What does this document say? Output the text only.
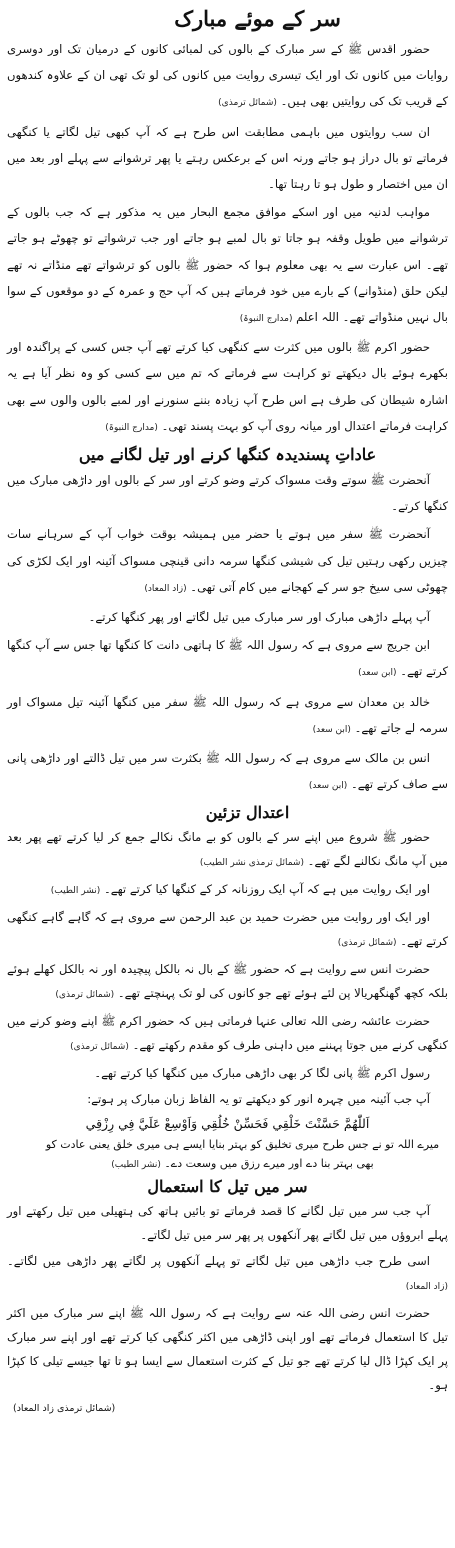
سر کے موئے مبارک

حضور اقدس ﷺ کے سر مبارک کے بالوں کی لمبائی کانوں کے درمیان تک اور دوسری روایات میں کانوں تک اور ایک تیسری روایت میں کانوں کی لو تک تھی ان کے علاوہ کندھوں کے قریب تک کی روایتیں بھی ہیں۔ (شمائل ترمذی)

ان سب روایتوں میں باہمی مطابقت اس طرح ہے کہ آپ کبھی تیل لگاتے یا کنگھی فرماتے تو بال دراز ہو جاتے ورنہ اس کے برعکس رہتے یا پھر ترشوانے سے پہلے اور بعد میں ان میں اختصار و طول ہو تا رہتا تھا۔

مواہب لدنیہ میں اور اسکے موافق مجمع البحار میں یہ مذکور ہے کہ جب بالوں کے ترشوانے میں طویل وقفہ ہو جاتا تو بال لمبے ہو جاتے اور جب ترشواتے تو چھوٹے ہو جاتے تھے۔ اس عبارت سے یہ بھی معلوم ہوا کہ حضور ﷺ بالوں کو ترشواتے تھے منڈاتے نہ تھے لیکن حلق (منڈوانے) کے بارے میں خود فرماتے ہیں کہ آپ حج و عمرہ کے دو موقعوں کے سوا بال نہیں منڈواتے تھے۔ اللہ اعلم (مدارج النبوۃ)

حضور اکرم ﷺ بالوں میں کثرت سے کنگھی کیا کرتے تھے آپ جس کسی کے پراگندہ اور بکھرے ہوئے بال دیکھتے تو کراہت سے فرماتے کہ تم میں سے کسی کو وہ نظر آیا ہے یہ اشارہ شیطان کی طرف ہے اس طرح آپ زیادہ بننے سنورنے اور لمبے بالوں والوں سے بھی کراہت فرماتے اعتدال اور میانہ روی آپ کو بہت پسند تھی۔ (مدارج النبوۃ)

عاداتِ پسندیدہ کنگھا کرنے اور تیل لگانے میں

آنحضرت ﷺ سوتے وقت مسواک کرتے وضو کرتے اور سر کے بالوں اور داڑھی مبارک میں کنگھا کرتے۔

آنحضرت ﷺ سفر میں ہوتے یا حضر میں ہمیشہ بوقت خواب آپ کے سرہانے سات چیزیں رکھی رہتیں تیل کی شیشی کنگھا سرمہ دانی قینچی مسواک آئینہ اور ایک لکڑی کی چھوٹی سی سیخ جو سر کے کھجانے میں کام آتی تھی۔ (زاد المعاد)

آپ پہلے داڑھی مبارک اور سر مبارک میں تیل لگاتے اور پھر کنگھا کرتے۔

ابن جریج سے مروی ہے کہ رسول اللہ ﷺ کا ہاتھی دانت کا کنگھا تھا جس سے آپ کنگھا کرتے تھے۔ (ابن سعد)

خالد بن معدان سے مروی ہے کہ رسول اللہ ﷺ سفر میں کنگھا آئینہ تیل مسواک اور سرمہ لے جاتے تھے۔ (ابن سعد)

انس بن مالک سے مروی ہے کہ رسول اللہ ﷺ بکثرت سر میں تیل ڈالتے اور داڑھی پانی سے صاف کرتے تھے۔ (ابن سعد)

اعتدال تزئین

حضور ﷺ شروع میں اپنے سر کے بالوں کو بے مانگ نکالے جمع کر لیا کرتے تھے پھر بعد میں آپ مانگ نکالنے لگے تھے۔ (شمائل ترمذی نشر الطیب)

اور ایک روایت میں ہے کہ آپ ایک روزنانہ کر کے کنگھا کیا کرتے تھے۔ (نشر الطیب)

اور ایک اور روایت میں حضرت حمید بن عبد الرحمن سے مروی ہے کہ گاہے گاہے کنگھی کرتے تھے۔ (شمائل ترمذی)

حضرت انس سے روایت ہے کہ حضور ﷺ کے بال نہ بالکل پیچیدہ اور نہ بالکل کھلے ہوئے بلکہ کچھ گھنگھریالا پن لئے ہوئے تھے جو کانوں کی لو تک پہنچتے تھے۔ (شمائل ترمذی)

حضرت عائشہ رضی اللہ تعالی عنہا فرماتی ہیں کہ حضور اکرم ﷺ اپنے وضو کرنے میں کنگھی کرنے میں جوتا پہننے میں داہنی طرف کو مقدم رکھتے تھے۔ (شمائل ترمذی)

رسول اکرم ﷺ پانی لگا کر بھی داڑھی مبارک میں کنگھا کیا کرتے تھے۔

آپ جب آئینہ میں چہرہ انور کو دیکھتے تو یہ الفاظ زبان مبارک پر ہوتے:

اَللّٰهُمَّ حَسَّنْتَ خَلْقِي فَحَسِّنْ خُلُقِي وَاَوْسِعْ عَلَيَّ فِي رِزْقِي
میرے اللہ تو نے جس طرح میری تخلیق کو بہتر بنایا ایسے ہی میری خلق یعنی عادت کو بھی بہتر بنا دے اور میرے رزق میں وسعت دے۔ (نشر الطیب)
سر میں تیل کا استعمال

آپ جب سر میں تیل لگانے کا قصد فرماتے تو بائیں ہاتھ کی ہتھیلی میں تیل رکھتے اور پہلے ابروؤں میں تیل لگاتے پھر آنکھوں پر پھر سر میں تیل لگاتے۔

اسی طرح جب داڑھی میں تیل لگاتے تو پہلے آنکھوں پر لگاتے پھر داڑھی میں لگاتے۔ (زاد المعاد)

حضرت انس رضی اللہ عنہ سے روایت ہے کہ رسول اللہ ﷺ اپنے سر مبارک میں اکثر تیل کا استعمال فرماتے تھے اور اپنی ڈاڑھی میں اکثر کنگھی کیا کرتے تھے اور اپنے سر مبارک پر ایک کپڑا ڈال لیا کرتے تھے جو تیل کے کثرت استعمال سے ایسا ہو تا تھا جیسے تیلی کا کپڑا ہو۔

(شمائل ترمذی زاد المعاد)
